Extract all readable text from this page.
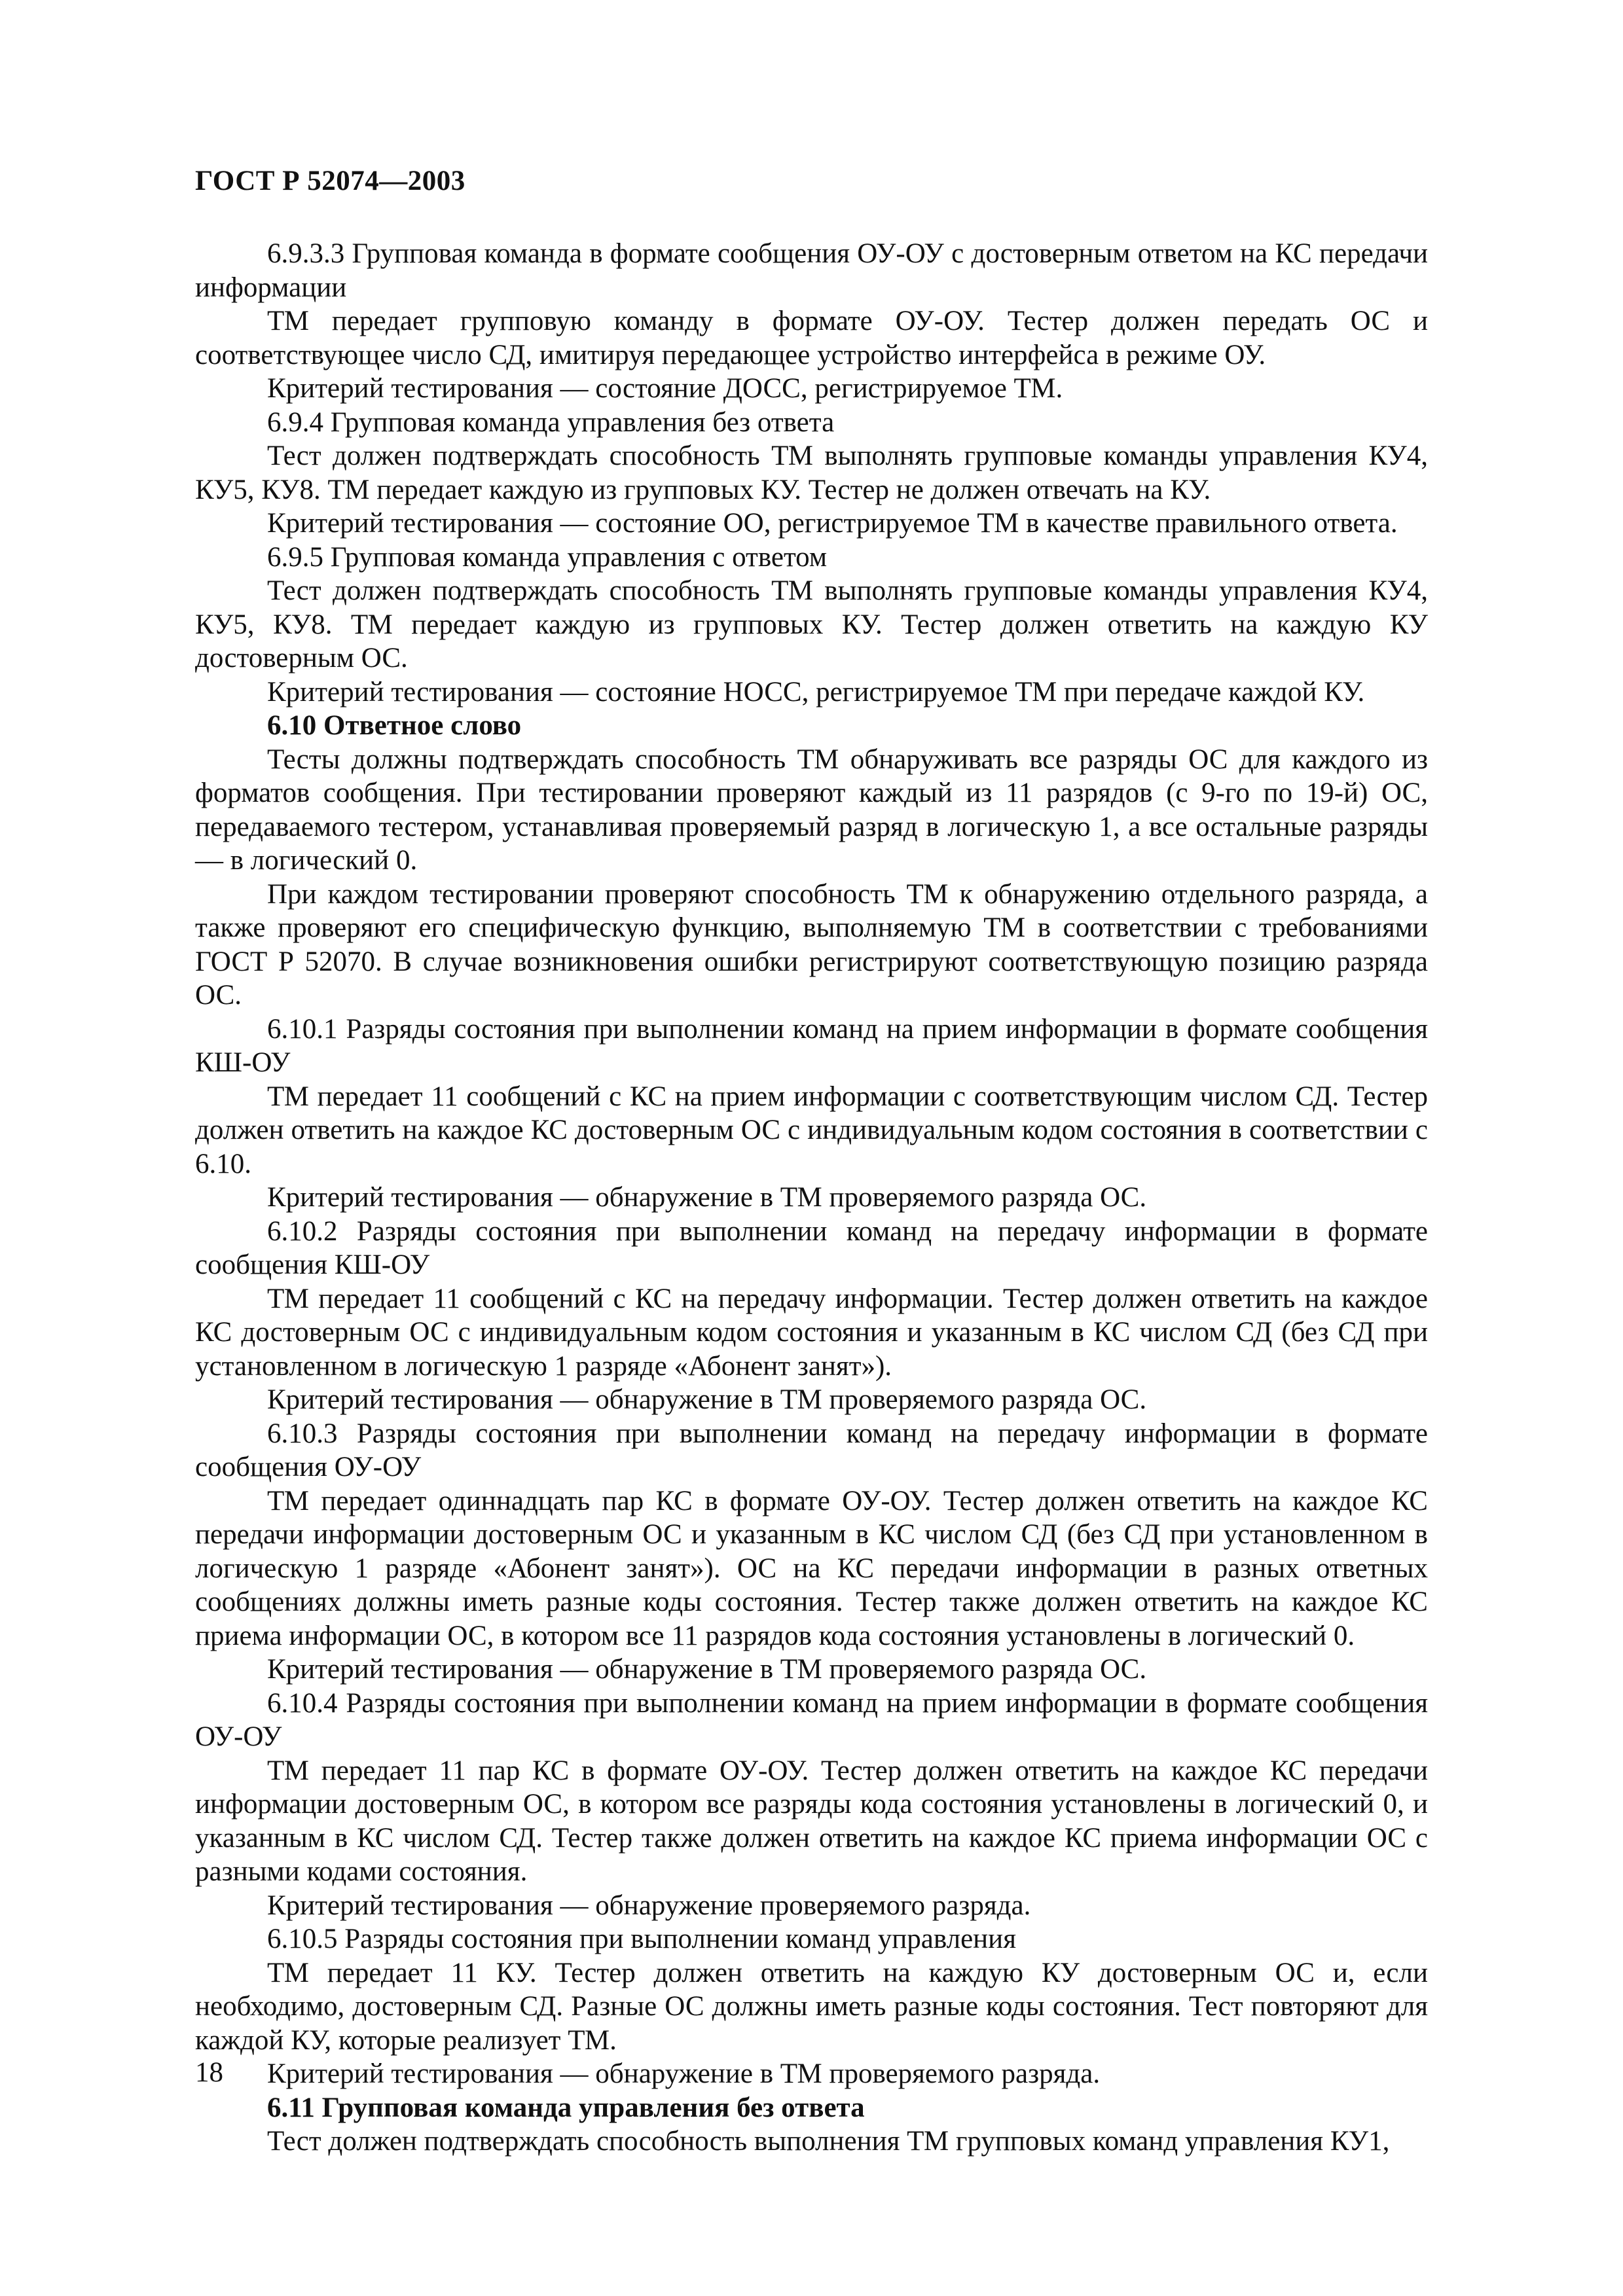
ГОСТ Р 52074—2003

6.9.3.3 Групповая команда в формате сообщения ОУ-ОУ с достоверным ответом на КС передачи информации

ТМ передает групповую команду в формате ОУ-ОУ. Тестер должен передать ОС и соответствующее число СД, имитируя передающее устройство интерфейса в режиме ОУ.

Критерий тестирования — состояние ДОСС, регистрируемое ТМ.

6.9.4 Групповая команда управления без ответа

Тест должен подтверждать способность ТМ выполнять групповые команды управления КУ4, КУ5, КУ8. ТМ передает каждую из групповых КУ. Тестер не должен отвечать на КУ.

Критерий тестирования — состояние ОО, регистрируемое ТМ в качестве правильного ответа.

6.9.5 Групповая команда управления с ответом

Тест должен подтверждать способность ТМ выполнять групповые команды управления КУ4, КУ5, КУ8. ТМ передает каждую из групповых КУ. Тестер должен ответить на каждую КУ достоверным ОС.

Критерий тестирования — состояние НОСС, регистрируемое ТМ при передаче каждой КУ.

6.10 Ответное слово

Тесты должны подтверждать способность ТМ обнаруживать все разряды ОС для каждого из форматов сообщения. При тестировании проверяют каждый из 11 разрядов (с 9-го по 19-й) ОС, передаваемого тестером, устанавливая проверяемый разряд в логическую 1, а все остальные разряды — в логический 0.

При каждом тестировании проверяют способность ТМ к обнаружению отдельного разряда, а также проверяют его специфическую функцию, выполняемую ТМ в соответствии с требованиями ГОСТ Р 52070. В случае возникновения ошибки регистрируют соответствующую позицию разряда ОС.

6.10.1 Разряды состояния при выполнении команд на прием информации в формате сообщения КШ-ОУ

ТМ передает 11 сообщений с КС на прием информации с соответствующим числом СД. Тестер должен ответить на каждое КС достоверным ОС с индивидуальным кодом состояния в соответствии с 6.10.

Критерий тестирования — обнаружение в ТМ проверяемого разряда ОС.

6.10.2 Разряды состояния при выполнении команд на передачу информации в формате сообщения КШ-ОУ

ТМ передает 11 сообщений с КС на передачу информации. Тестер должен ответить на каждое КС достоверным ОС с индивидуальным кодом состояния и указанным в КС числом СД (без СД при установленном в логическую 1 разряде «Абонент занят»).

Критерий тестирования — обнаружение в ТМ проверяемого разряда ОС.

6.10.3 Разряды состояния при выполнении команд на передачу информации в формате сообщения ОУ-ОУ

ТМ передает одиннадцать пар КС в формате ОУ-ОУ. Тестер должен ответить на каждое КС передачи информации достоверным ОС и указанным в КС числом СД (без СД при установленном в логическую 1 разряде «Абонент занят»). ОС на КС передачи информации в разных ответных сообщениях должны иметь разные коды состояния. Тестер также должен ответить на каждое КС приема информации ОС, в котором все 11 разрядов кода состояния установлены в логический 0.

Критерий тестирования — обнаружение в ТМ проверяемого разряда ОС.

6.10.4 Разряды состояния при выполнении команд на прием информации в формате сообщения ОУ-ОУ

ТМ передает 11 пар КС в формате ОУ-ОУ. Тестер должен ответить на каждое КС передачи информации достоверным ОС, в котором все разряды кода состояния установлены в логический 0, и указанным в КС числом СД. Тестер также должен ответить на каждое КС приема информации ОС с разными кодами состояния.

Критерий тестирования — обнаружение проверяемого разряда.

6.10.5 Разряды состояния при выполнении команд управления

ТМ передает 11 КУ. Тестер должен ответить на каждую КУ достоверным ОС и, если необходимо, достоверным СД. Разные ОС должны иметь разные коды состояния. Тест повторяют для каждой КУ, которые реализует ТМ.

Критерий тестирования — обнаружение в ТМ проверяемого разряда.

6.11 Групповая команда управления без ответа

Тест должен подтверждать способность выполнения ТМ групповых команд управления КУ1,

18
